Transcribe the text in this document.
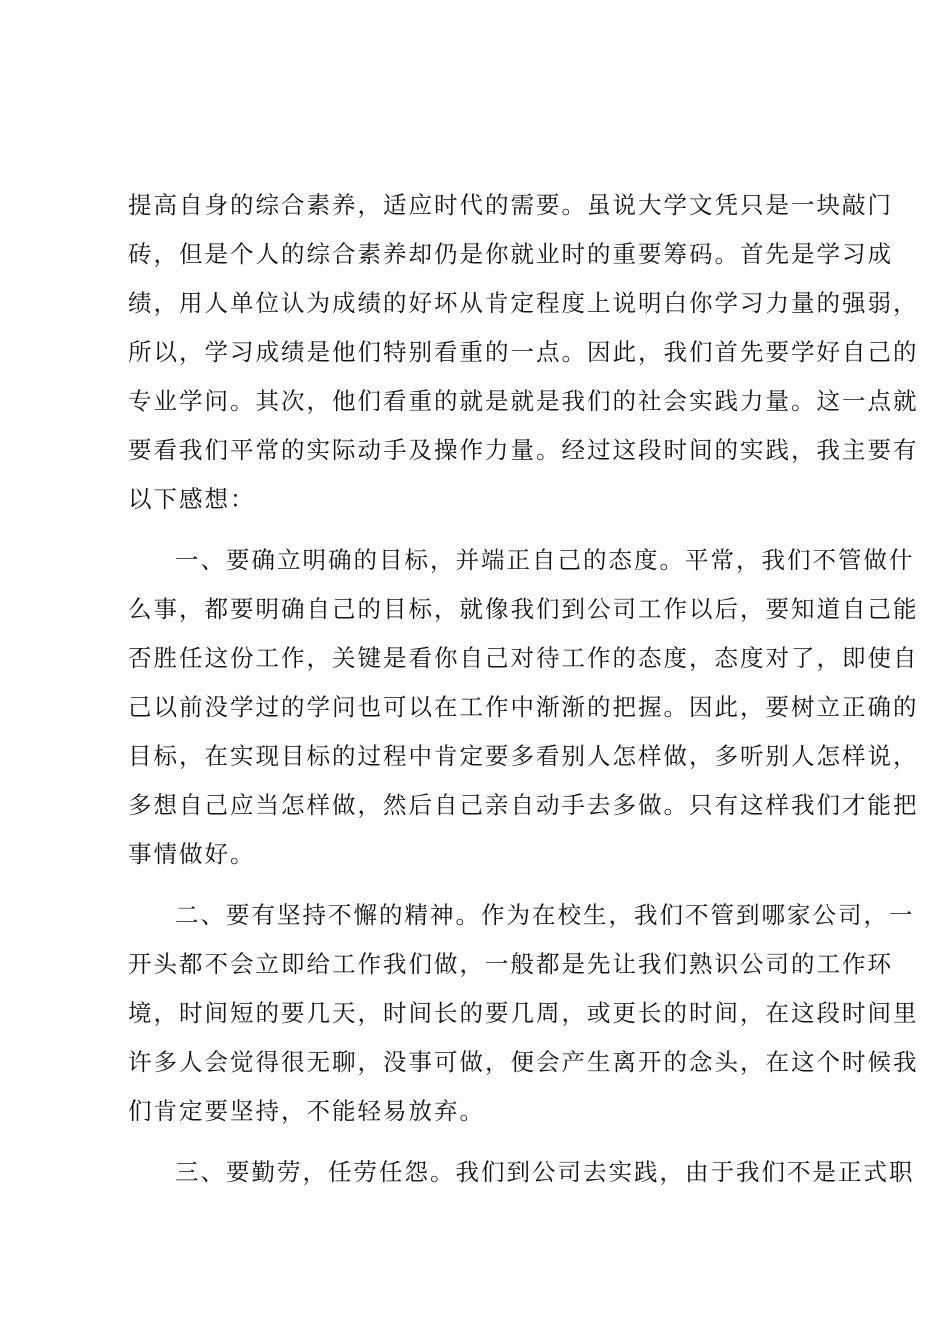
提高自身的综合素养，适应时代的需要。虽说大学文凭只是一块敲门
砖，但是个人的综合素养却仍是你就业时的重要筹码。首先是学习成
绩，用人单位认为成绩的好坏从肯定程度上说明白你学习力量的强弱，
所以，学习成绩是他们特别看重的一点。因此，我们首先要学好自己的
专业学问。其次，他们看重的就是就是我们的社会实践力量。这一点就
要看我们平常的实际动手及操作力量。经过这段时间的实践，我主要有
以下感想：
一、要确立明确的目标，并端正自己的态度。平常，我们不管做什
么事，都要明确自己的目标，就像我们到公司工作以后，要知道自己能
否胜任这份工作，关键是看你自己对待工作的态度，态度对了，即使自
己以前没学过的学问也可以在工作中渐渐的把握。因此，要树立正确的
目标，在实现目标的过程中肯定要多看别人怎样做，多听别人怎样说，
多想自己应当怎样做，然后自己亲自动手去多做。只有这样我们才能把
事情做好。
二、要有坚持不懈的精神。作为在校生，我们不管到哪家公司，一
开头都不会立即给工作我们做，一般都是先让我们熟识公司的工作环
境，时间短的要几天，时间长的要几周，或更长的时间，在这段时间里
许多人会觉得很无聊，没事可做，便会产生离开的念头，在这个时候我
们肯定要坚持，不能轻易放弃。
三、要勤劳，任劳任怨。我们到公司去实践，由于我们不是正式职
